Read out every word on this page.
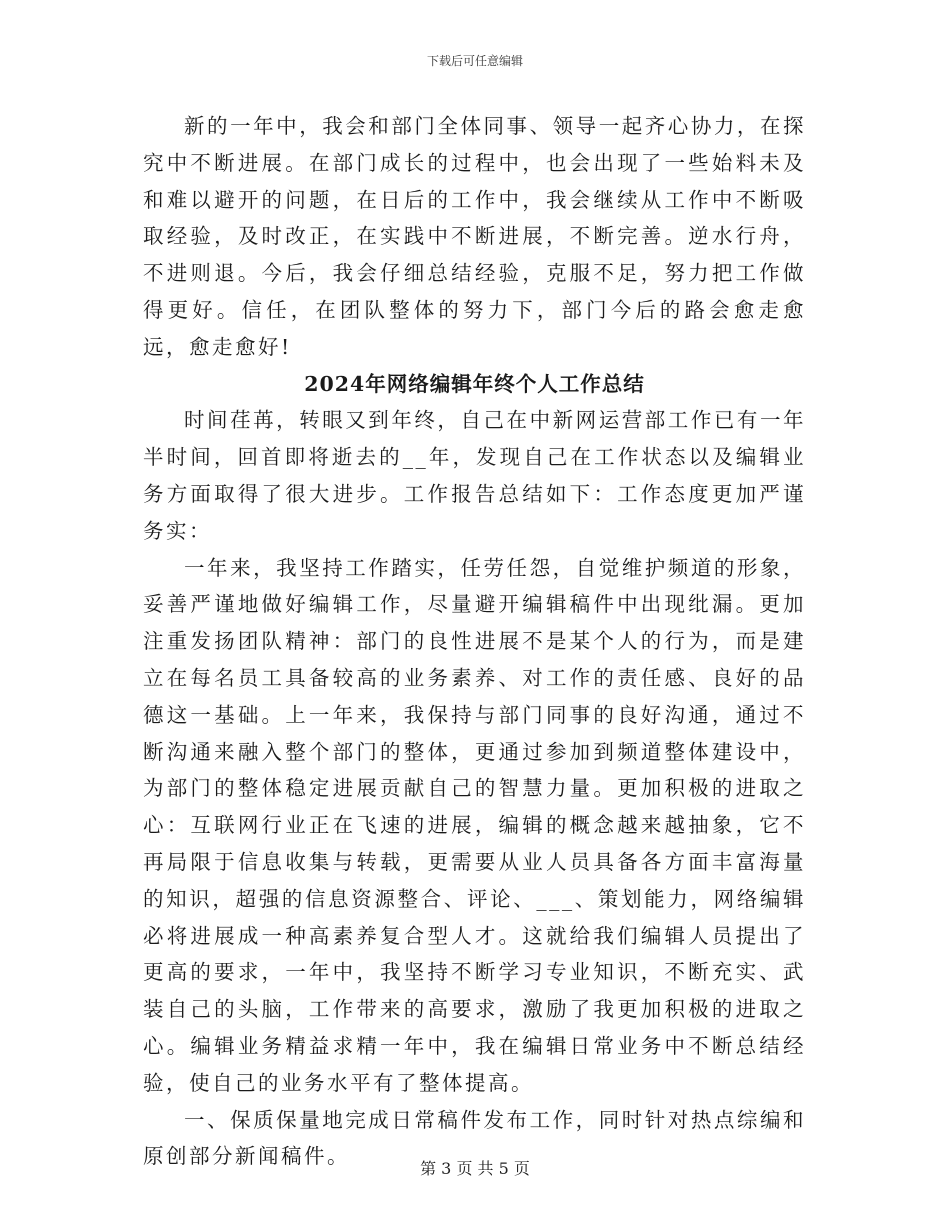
下载后可任意编辑

新的一年中，我会和部门全体同事、领导一起齐心协力，在探究中不断进展。在部门成长的过程中，也会出现了一些始料未及和难以避开的问题，在日后的工作中，我会继续从工作中不断吸取经验，及时改正，在实践中不断进展，不断完善。逆水行舟，不进则退。今后，我会仔细总结经验，克服不足，努力把工作做得更好。信任，在团队整体的努力下，部门今后的路会愈走愈远，愈走愈好!

2024年网络编辑年终个人工作总结

时间荏苒，转眼又到年终，自己在中新网运营部工作已有一年半时间，回首即将逝去的__年，发现自己在工作状态以及编辑业务方面取得了很大进步。工作报告总结如下：工作态度更加严谨务实：

一年来，我坚持工作踏实，任劳任怨，自觉维护频道的形象，妥善严谨地做好编辑工作，尽量避开编辑稿件中出现纰漏。更加注重发扬团队精神：部门的良性进展不是某个人的行为，而是建立在每名员工具备较高的业务素养、对工作的责任感、良好的品德这一基础。上一年来，我保持与部门同事的良好沟通，通过不断沟通来融入整个部门的整体，更通过参加到频道整体建设中，为部门的整体稳定进展贡献自己的智慧力量。更加积极的进取之心：互联网行业正在飞速的进展，编辑的概念越来越抽象，它不再局限于信息收集与转载，更需要从业人员具备各方面丰富海量的知识，超强的信息资源整合、评论、___、策划能力，网络编辑必将进展成一种高素养复合型人才。这就给我们编辑人员提出了更高的要求，一年中，我坚持不断学习专业知识，不断充实、武装自己的头脑，工作带来的高要求，激励了我更加积极的进取之心。编辑业务精益求精一年中，我在编辑日常业务中不断总结经验，使自己的业务水平有了整体提高。

一、保质保量地完成日常稿件发布工作，同时针对热点综编和原创部分新闻稿件。

第 3 页 共 5 页
